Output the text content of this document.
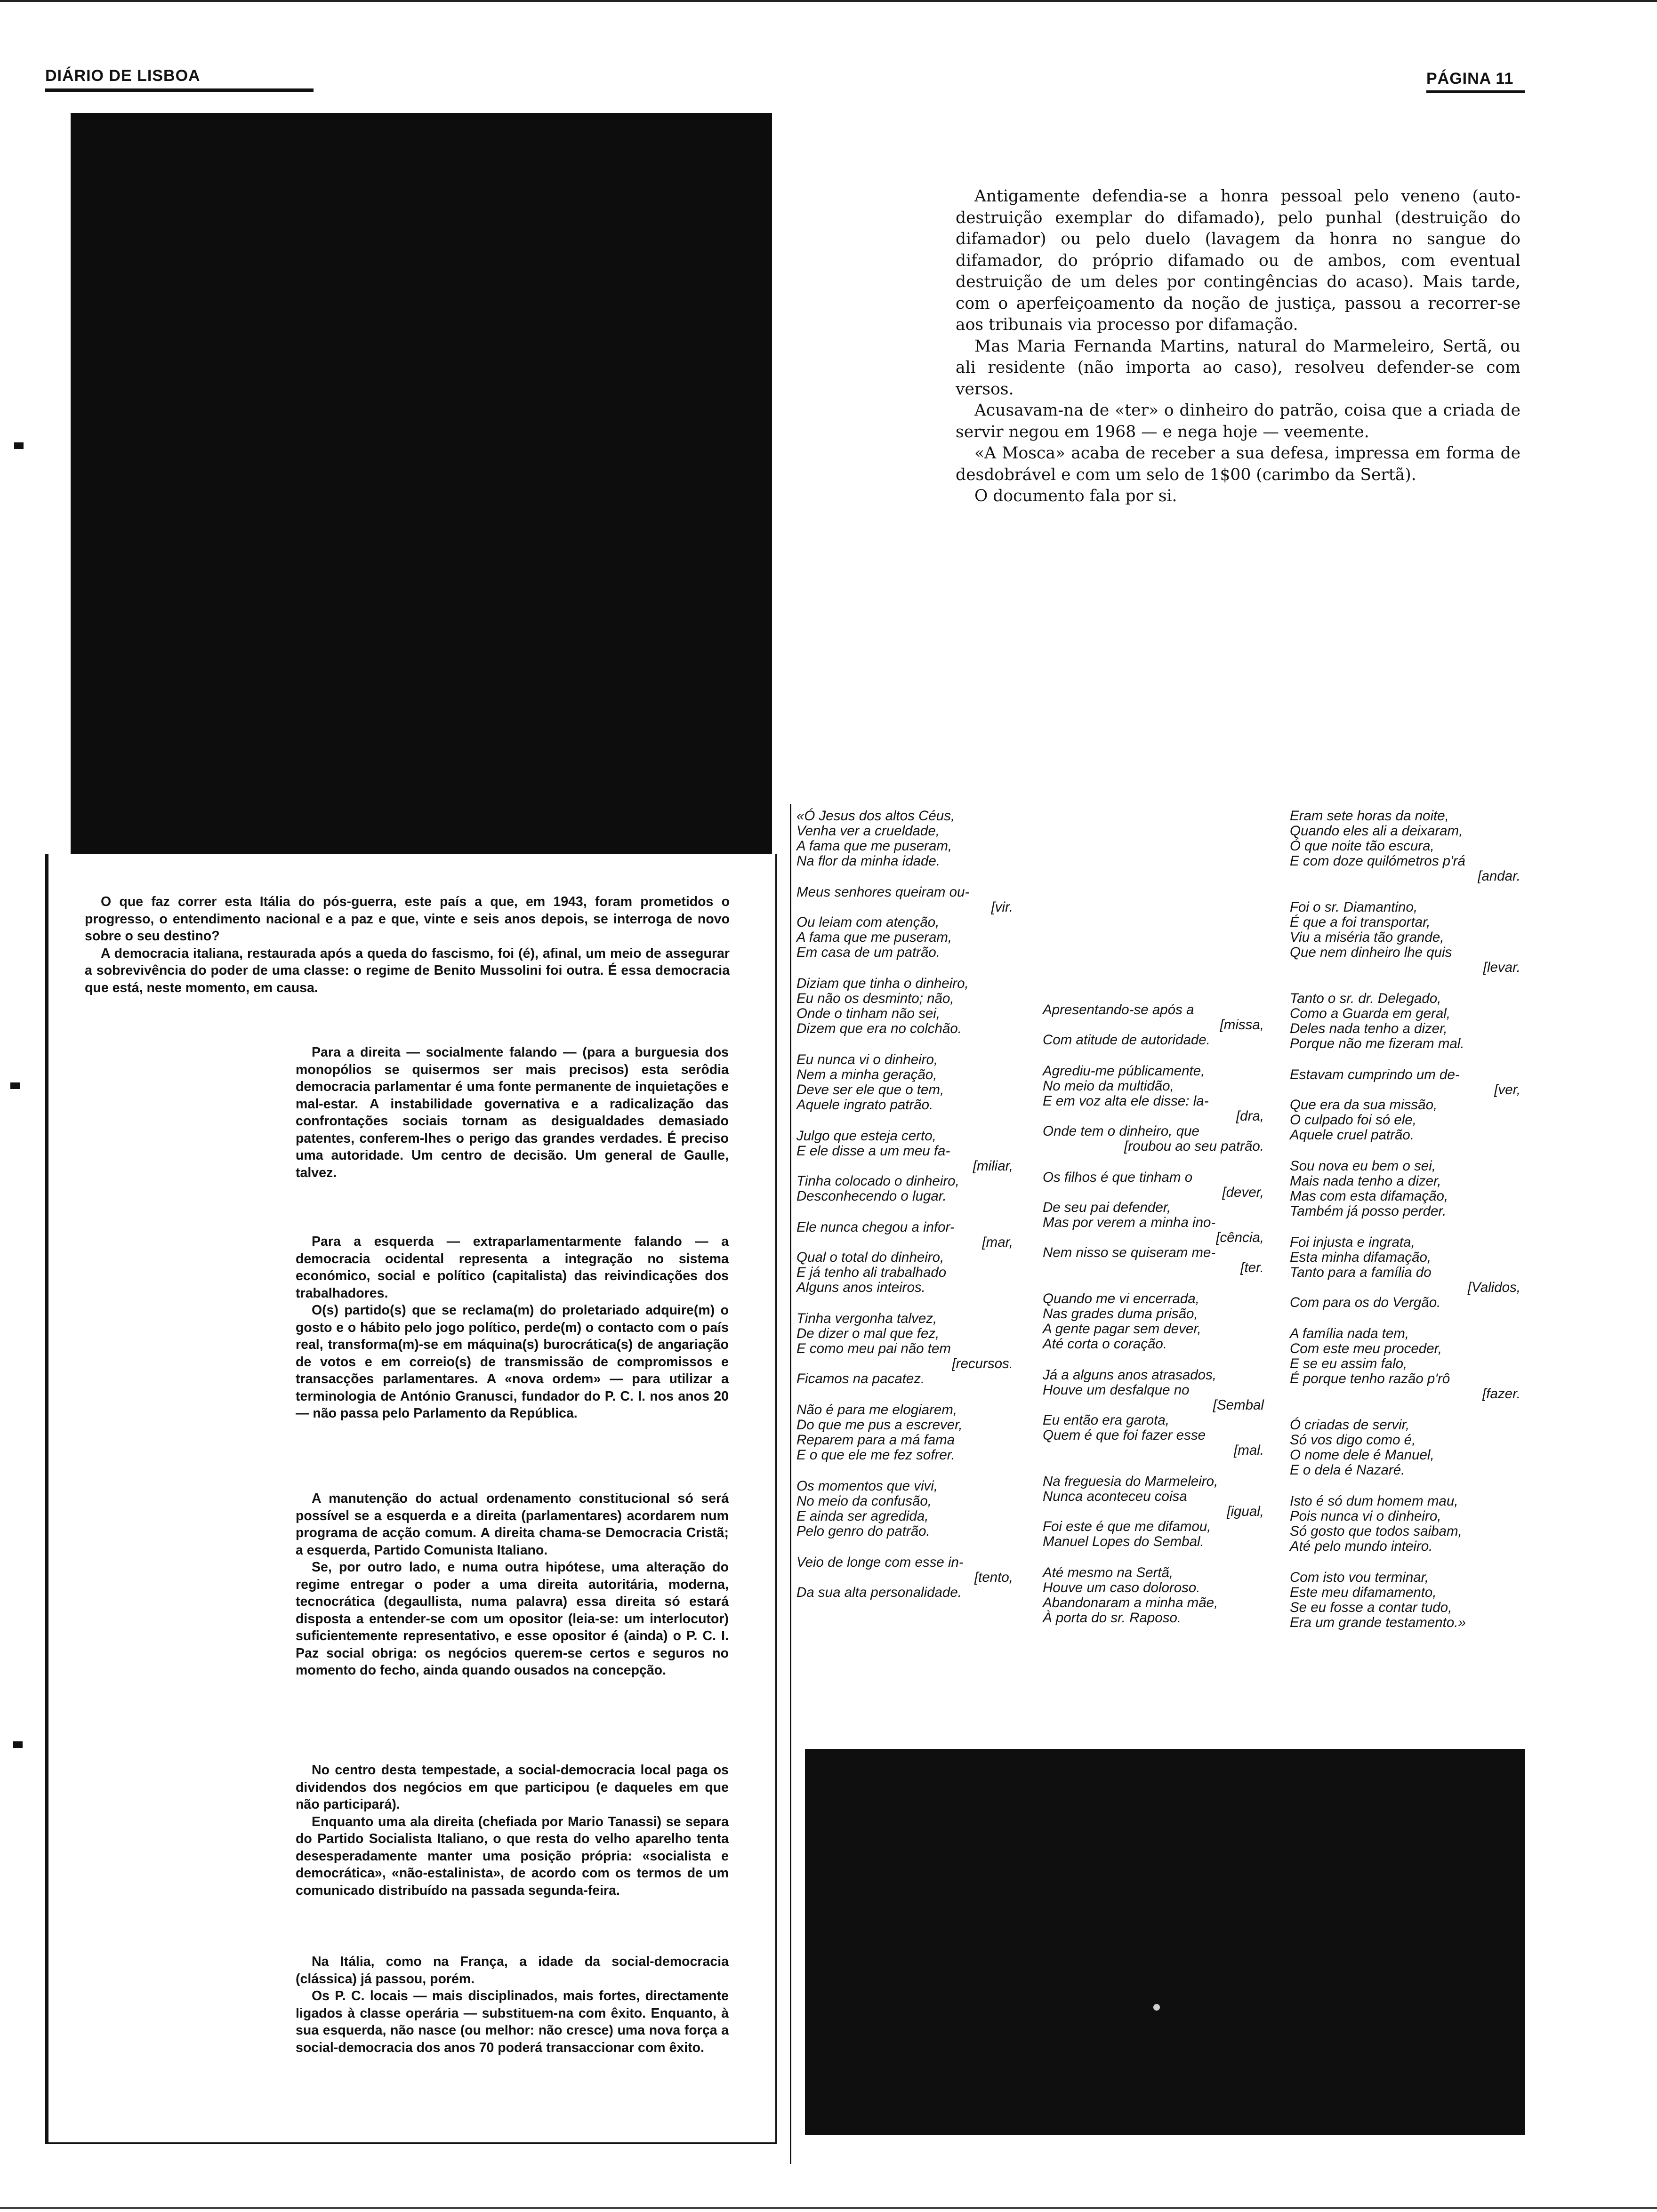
DIÁRIO DE LISBOA	PÁGINA 11

Antigamente defendia-se a honra pessoal pelo veneno (auto-destruição exemplar do difamado), pelo punhal (destruição do difamador) ou pelo duelo (lavagem da honra no sangue do difamador, do próprio difamado ou de ambos, com eventual destruição de um deles por contingências do acaso). Mais tarde, com o aperfeiçoamento da noção de justiça, passou a recorrer-se aos tribunais via processo por difamação.

Mas Maria Fernanda Martins, natural do Marmeleiro, Sertã, ou ali residente (não importa ao caso), resolveu defender-se com versos.

Acusavam-na de «ter» o dinheiro do patrão, coisa que a criada de servir negou em 1968 — e nega hoje — veemente.

«A Mosca» acaba de receber a sua defesa, impressa em forma de desdobrável e com um selo de 1$00 (carimbo da Sertã).

O documento fala por si.

O que faz correr esta Itália do pós-guerra, este país a que, em 1943, foram prometidos o progresso, o entendimento nacional e a paz e que, vinte e seis anos depois, se interroga de novo sobre o seu destino?

A democracia italiana, restaurada após a queda do fascismo, foi (é), afinal, um meio de assegurar a sobrevivência do poder de uma classe: o regime de Benito Mussolini foi outra. É essa democracia que está, neste momento, em causa.

Para a direita — socialmente falando — (para a burguesia dos monopólios se quisermos ser mais precisos) esta serôdia democracia parlamentar é uma fonte permanente de inquietações e mal-estar. A instabilidade governativa e a radicalização das confrontações sociais tornam as desigualdades demasiado patentes, conferem-lhes o perigo das grandes verdades. É preciso uma autoridade. Um centro de decisão. Um general de Gaulle, talvez.

Para a esquerda — extraparlamentarmente falando — a democracia ocidental representa a integração no sistema económico, social e político (capitalista) das reivindicações dos trabalhadores.

O(s) partido(s) que se reclama(m) do proletariado adquire(m) o gosto e o hábito pelo jogo político, perde(m) o contacto com o país real, transforma(m)-se em máquina(s) burocrática(s) de angariação de votos e em correio(s) de transmissão de compromissos e transacções parlamentares. A «nova ordem» — para utilizar a terminologia de António Granusci, fundador do P. C. I. nos anos 20 — não passa pelo Parlamento da República.

A manutenção do actual ordenamento constitucional só será possível se a esquerda e a direita (parlamentares) acordarem num programa de acção comum. A direita chama-se Democracia Cristã; a esquerda, Partido Comunista Italiano.

Se, por outro lado, e numa outra hipótese, uma alteração do regime entregar o poder a uma direita autoritária, moderna, tecnocrática (degaullista, numa palavra) essa direita só estará disposta a entender-se com um opositor (leia-se: um interlocutor) suficientemente representativo, e esse opositor é (ainda) o P. C. I. Paz social obriga: os negócios querem-se certos e seguros no momento do fecho, ainda quando ousados na concepção.

No centro desta tempestade, a social-democracia local paga os dividendos dos negócios em que participou (e daqueles em que não participará).

Enquanto uma ala direita (chefiada por Mario Tanassi) se separa do Partido Socialista Italiano, o que resta do velho aparelho tenta desesperadamente manter uma posição própria: «socialista e democrática», «não-estalinista», de acordo com os termos de um comunicado distribuído na passada segunda-feira.

Na Itália, como na França, a idade da social-democracia (clássica) já passou, porém.

Os P. C. locais — mais disciplinados, mais fortes, directamente ligados à classe operária — substituem-na com êxito. Enquanto, à sua esquerda, não nasce (ou melhor: não cresce) uma nova força a social-democracia dos anos 70 poderá transaccionar com êxito.

«Ó Jesus dos altos Céus,
Venha ver a crueldade,
A fama que me puseram,
Na flor da minha idade.
Meus senhores queiram ou-
[vir.
Ou leiam com atenção,
A fama que me puseram,
Em casa de um patrão.
Diziam que tinha o dinheiro,
Eu não os desminto; não,
Onde o tinham não sei,
Dizem que era no colchão.
Eu nunca vi o dinheiro,
Nem a minha geração,
Deve ser ele que o tem,
Aquele ingrato patrão.
Julgo que esteja certo,
E ele disse a um meu fa-
[miliar,
Tinha colocado o dinheiro,
Desconhecendo o lugar.
Ele nunca chegou a infor-
[mar,
Qual o total do dinheiro,
E já tenho ali trabalhado
Alguns anos inteiros.
Tinha vergonha talvez,
De dizer o mal que fez,
E como meu pai não tem
[recursos.
Ficamos na pacatez.
Não é para me elogiarem,
Do que me pus a escrever,
Reparem para a má fama
E o que ele me fez sofrer.
Os momentos que vivi,
No meio da confusão,
E ainda ser agredida,
Pelo genro do patrão.
Veio de longe com esse in-
[tento,
Da sua alta personalidade.
Apresentando-se após a
[missa,
Com atitude de autoridade.
Agrediu-me públicamente,
No meio da multidão,
E em voz alta ele disse: la-
[dra,
Onde tem o dinheiro, que
[roubou ao seu patrão.
Os filhos é que tinham o
[dever,
De seu pai defender,
Mas por verem a minha ino-
[cência,
Nem nisso se quiseram me-
[ter.
Quando me vi encerrada,
Nas grades duma prisão,
A gente pagar sem dever,
Até corta o coração.
Já a alguns anos atrasados,
Houve um desfalque no
[Sembal
Eu então era garota,
Quem é que foi fazer esse
[mal.
Na freguesia do Marmeleiro,
Nunca aconteceu coisa
[igual,
Foi este é que me difamou,
Manuel Lopes do Sembal.
Até mesmo na Sertã,
Houve um caso doloroso.
Abandonaram a minha mãe,
À porta do sr. Raposo.
Eram sete horas da noite,
Quando eles ali a deixaram,
Ó que noite tão escura,
E com doze quilómetros p'rá
[andar.
Foi o sr. Diamantino,
É que a foi transportar,
Viu a miséria tão grande,
Que nem dinheiro lhe quis
[levar.
Tanto o sr. dr. Delegado,
Como a Guarda em geral,
Deles nada tenho a dizer,
Porque não me fizeram mal.
Estavam cumprindo um de-
[ver,
Que era da sua missão,
O culpado foi só ele,
Aquele cruel patrão.
Sou nova eu bem o sei,
Mais nada tenho a dizer,
Mas com esta difamação,
Também já posso perder.
Foi injusta e ingrata,
Esta minha difamação,
Tanto para a família do
[Validos,
Com para os do Vergão.
A família nada tem,
Com este meu proceder,
E se eu assim falo,
É porque tenho razão p'rô
[fazer.
Ó criadas de servir,
Só vos digo como é,
O nome dele é Manuel,
E o dela é Nazaré.
Isto é só dum homem mau,
Pois nunca vi o dinheiro,
Só gosto que todos saibam,
Até pelo mundo inteiro.
Com isto vou terminar,
Este meu difamamento,
Se eu fosse a contar tudo,
Era um grande testamento.»
